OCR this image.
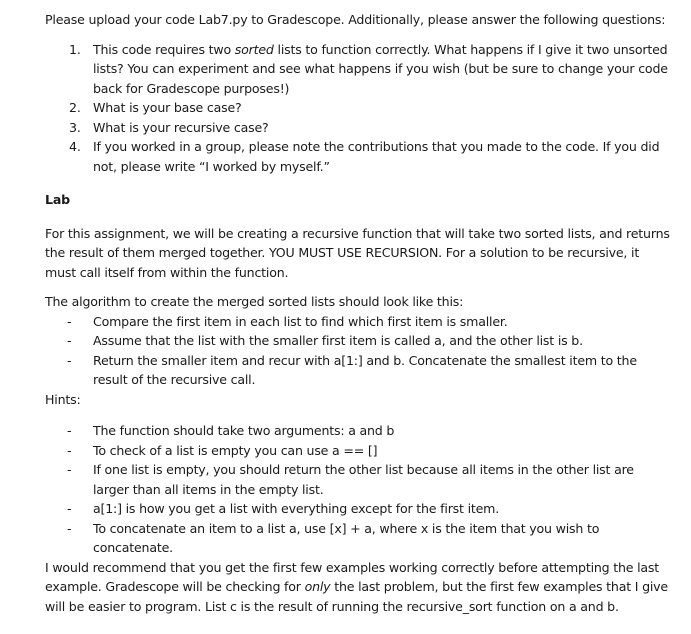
Please upload your code Lab7.py to Gradescope. Additionally, please answer the following questions:

1. This code requires two sorted lists to function correctly. What happens if I give it two unsorted lists? You can experiment and see what happens if you wish (but be sure to change your code back for Gradescope purposes!)
2. What is your base case?
3. What is your recursive case?
4. If you worked in a group, please note the contributions that you made to the code. If you did not, please write “I worked by myself.”

Lab

For this assignment, we will be creating a recursive function that will take two sorted lists, and returns the result of them merged together. YOU MUST USE RECURSION. For a solution to be recursive, it must call itself from within the function.

The algorithm to create the merged sorted lists should look like this:

- Compare the first item in each list to find which first item is smaller.
- Assume that the list with the smaller first item is called a, and the other list is b.
- Return the smaller item and recur with a[1:] and b. Concatenate the smallest item to the result of the recursive call.

Hints:

- The function should take two arguments: a and b
- To check of a list is empty you can use a == []
- If one list is empty, you should return the other list because all items in the other list are larger than all items in the empty list.
- a[1:] is how you get a list with everything except for the first item.
- To concatenate an item to a list a, use [x] + a, where x is the item that you wish to concatenate.

I would recommend that you get the first few examples working correctly before attempting the last example. Gradescope will be checking for only the last problem, but the first few examples that I give will be easier to program. List c is the result of running the recursive_sort function on a and b.
